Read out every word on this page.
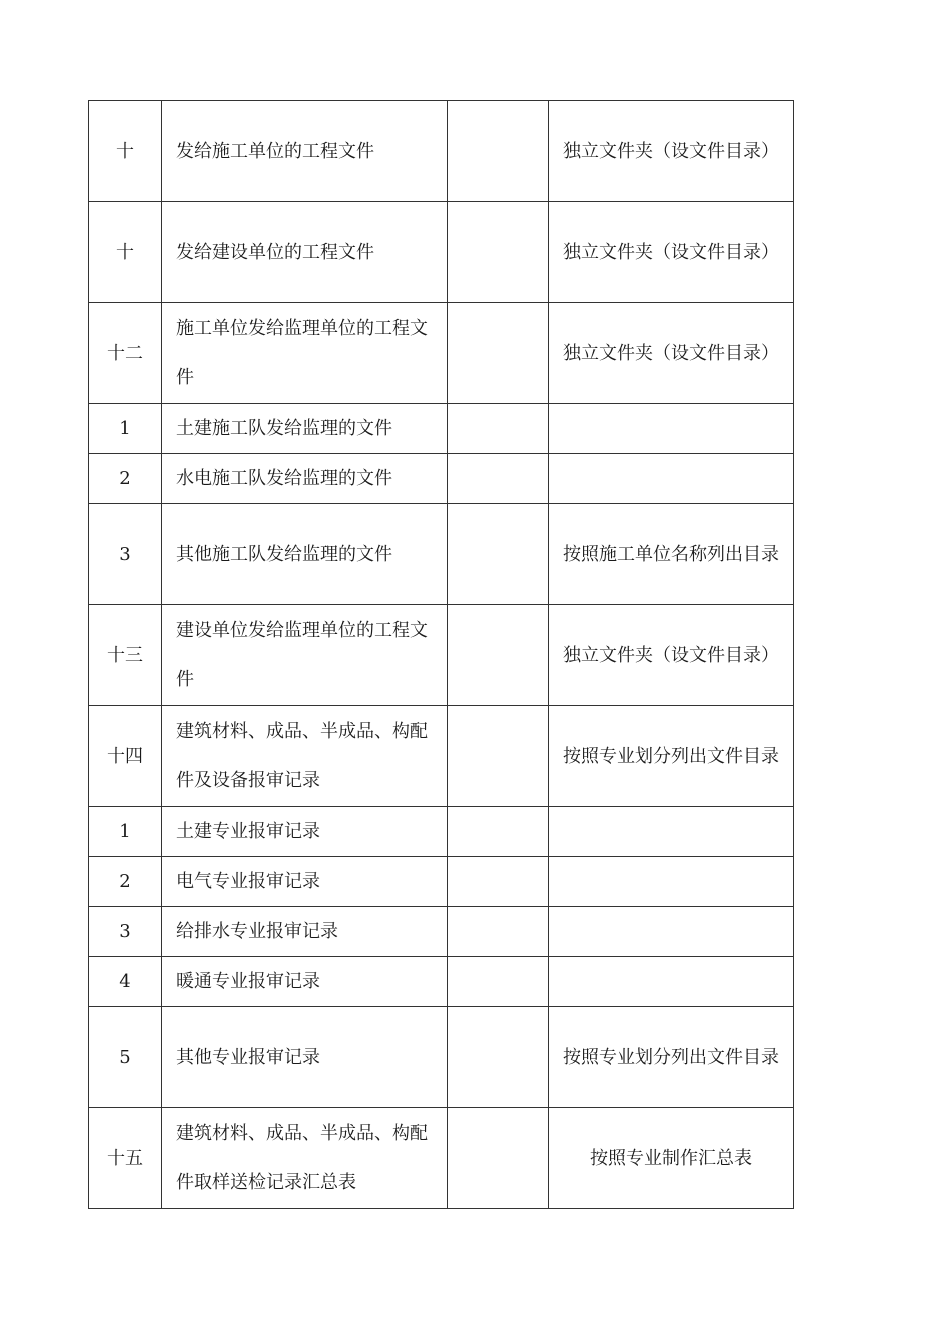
十	发给施工单位的工程文件		独立文件夹（设文件目录）
十	发给建设单位的工程文件		独立文件夹（设文件目录）
十二	施工单位发给监理单位的工程文件		独立文件夹（设文件目录）
1	土建施工队发给监理的文件		
2	水电施工队发给监理的文件		
3	其他施工队发给监理的文件		按照施工单位名称列出目录
十三	建设单位发给监理单位的工程文件		独立文件夹（设文件目录）
十四	建筑材料、成品、半成品、构配件及设备报审记录		按照专业划分列出文件目录
1	土建专业报审记录		
2	电气专业报审记录		
3	给排水专业报审记录		
4	暖通专业报审记录		
5	其他专业报审记录		按照专业划分列出文件目录
十五	建筑材料、成品、半成品、构配件取样送检记录汇总表		按照专业制作汇总表
